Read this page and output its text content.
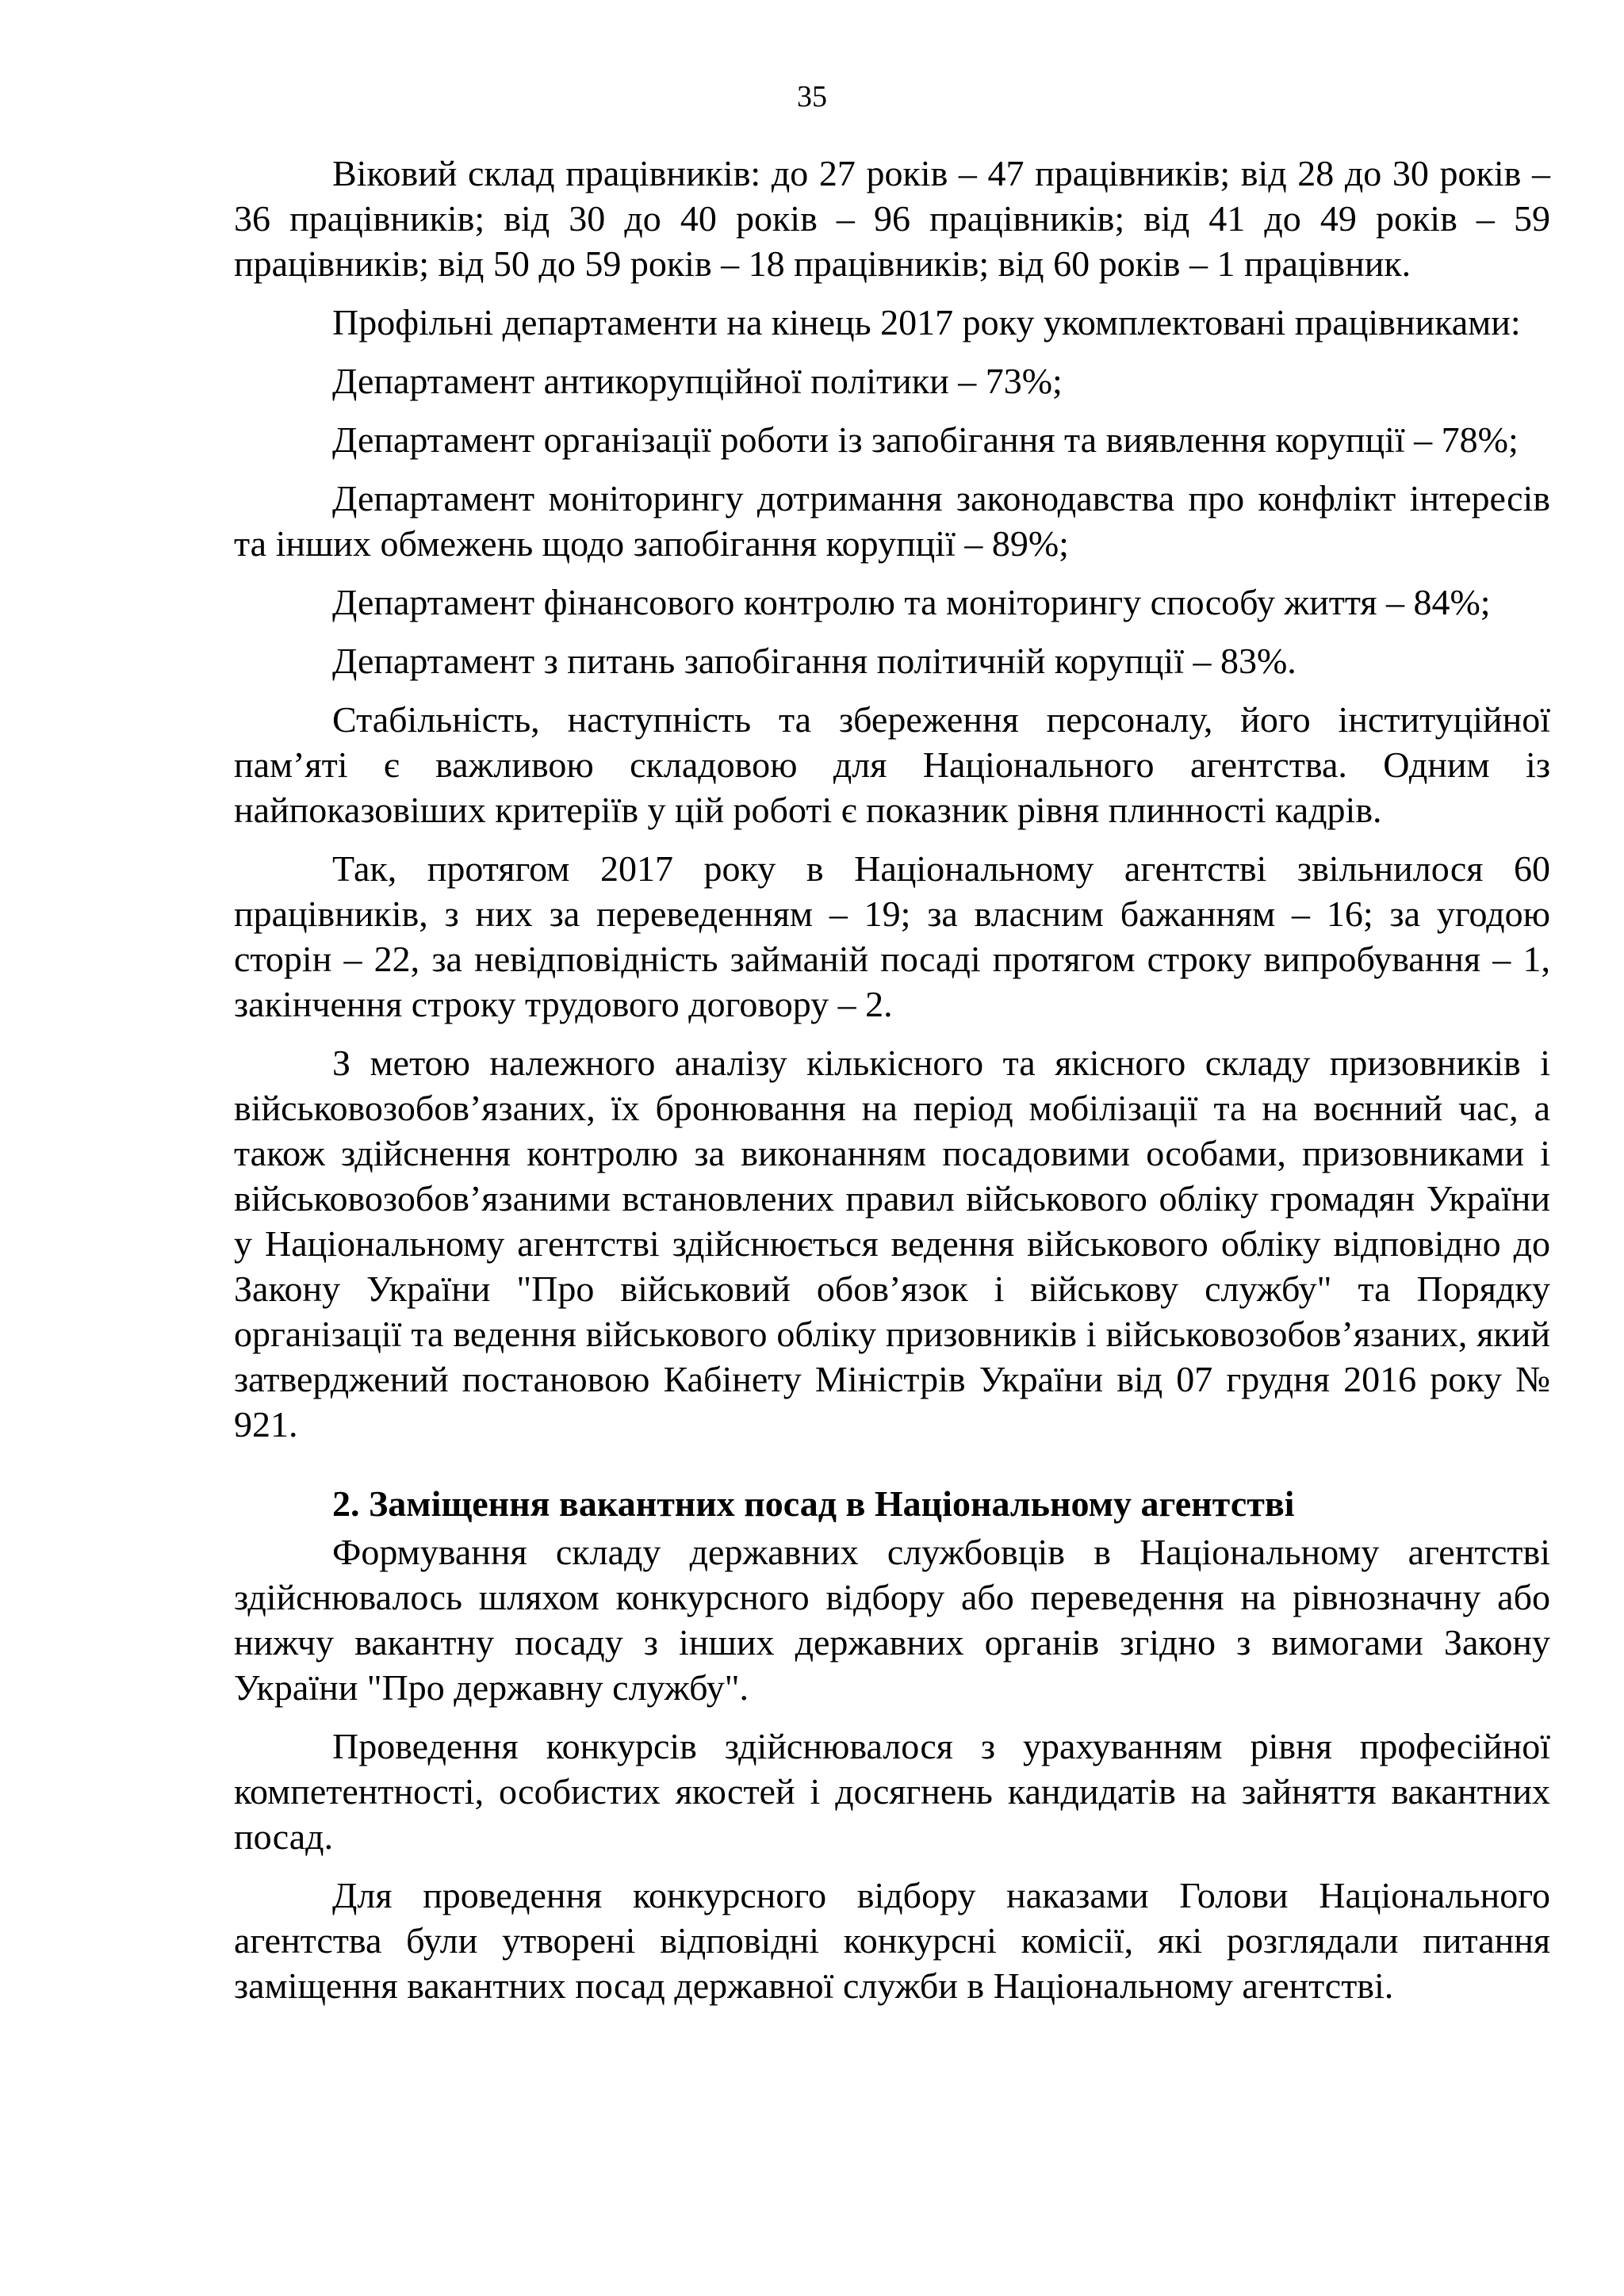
35

Віковий склад працівників: до 27 років – 47 працівників; від 28 до 30 років – 36 працівників; від 30 до 40 років – 96 працівників; від 41 до 49 років – 59 працівників; від 50 до 59 років – 18 працівників; від 60 років – 1 працівник.

Профільні департаменти на кінець 2017 року укомплектовані працівниками:

Департамент антикорупційної політики – 73%;

Департамент організації роботи із запобігання та виявлення корупції – 78%;

Департамент моніторингу дотримання законодавства про конфлікт інтересів та інших обмежень щодо запобігання корупції – 89%;

Департамент фінансового контролю та моніторингу способу життя – 84%;

Департамент з питань запобігання політичній корупції – 83%.

Стабільність, наступність та збереження персоналу, його інституційної пам’яті є важливою складовою для Національного агентства. Одним із найпоказовіших критеріїв у цій роботі є показник рівня плинності кадрів.

Так, протягом 2017 року в Національному агентстві звільнилося 60 працівників, з них за переведенням – 19; за власним бажанням – 16; за угодою сторін – 22, за невідповідність займаній посаді протягом строку випробування – 1, закінчення строку трудового договору – 2.

З метою належного аналізу кількісного та якісного складу призовників і військовозобов’язаних, їх бронювання на період мобілізації та на воєнний час, а також здійснення контролю за виконанням посадовими особами, призовниками і військовозобов’язаними встановлених правил військового обліку громадян України у Національному агентстві здійснюється ведення військового обліку відповідно до Закону України "Про військовий обов’язок і військову службу" та Порядку організації та ведення військового обліку призовників і військовозобов’язаних, який затверджений постановою Кабінету Міністрів України від 07 грудня 2016 року № 921.

2. Заміщення вакантних посад в Національному агентстві

Формування складу державних службовців в Національному агентстві здійснювалось шляхом конкурсного відбору або переведення на рівнозначну або нижчу вакантну посаду з інших державних органів згідно з вимогами Закону України "Про державну службу".

Проведення конкурсів здійснювалося з урахуванням рівня професійної компетентності, особистих якостей і досягнень кандидатів на зайняття вакантних посад.

Для проведення конкурсного відбору наказами Голови Національного агентства були утворені відповідні конкурсні комісії, які розглядали питання заміщення вакантних посад державної служби в Національному агентстві.
